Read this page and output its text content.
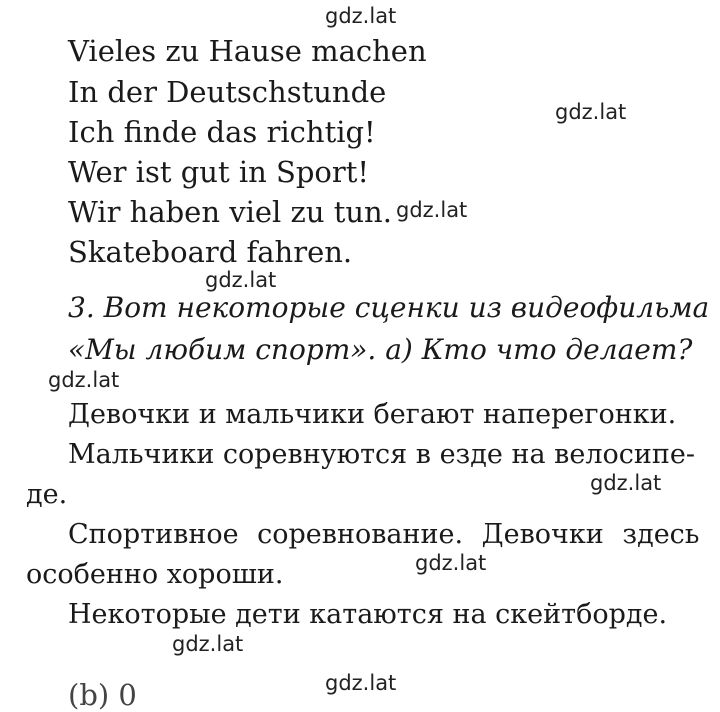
Vieles zu Hause machen
In der Deutschstunde
Ich finde das richtig!
Wer ist gut in Sport!
Wir haben viel zu tun.
Skateboard fahren.
3. Вот некоторые сценки из видеофильма
«Мы любим спорт». а) Кто что делает?
Девочки и мальчики бегают наперегонки.
Мальчики соревнуются в езде на велосипе-
де.
Спортивное соревнование. Девочки здесь
особенно хороши.
Некоторые дети катаются на скейтборде.
(b) 0
gdz.lat
gdz.lat
gdz.lat
gdz.lat
gdz.lat
gdz.lat
gdz.lat
gdz.lat
gdz.lat
